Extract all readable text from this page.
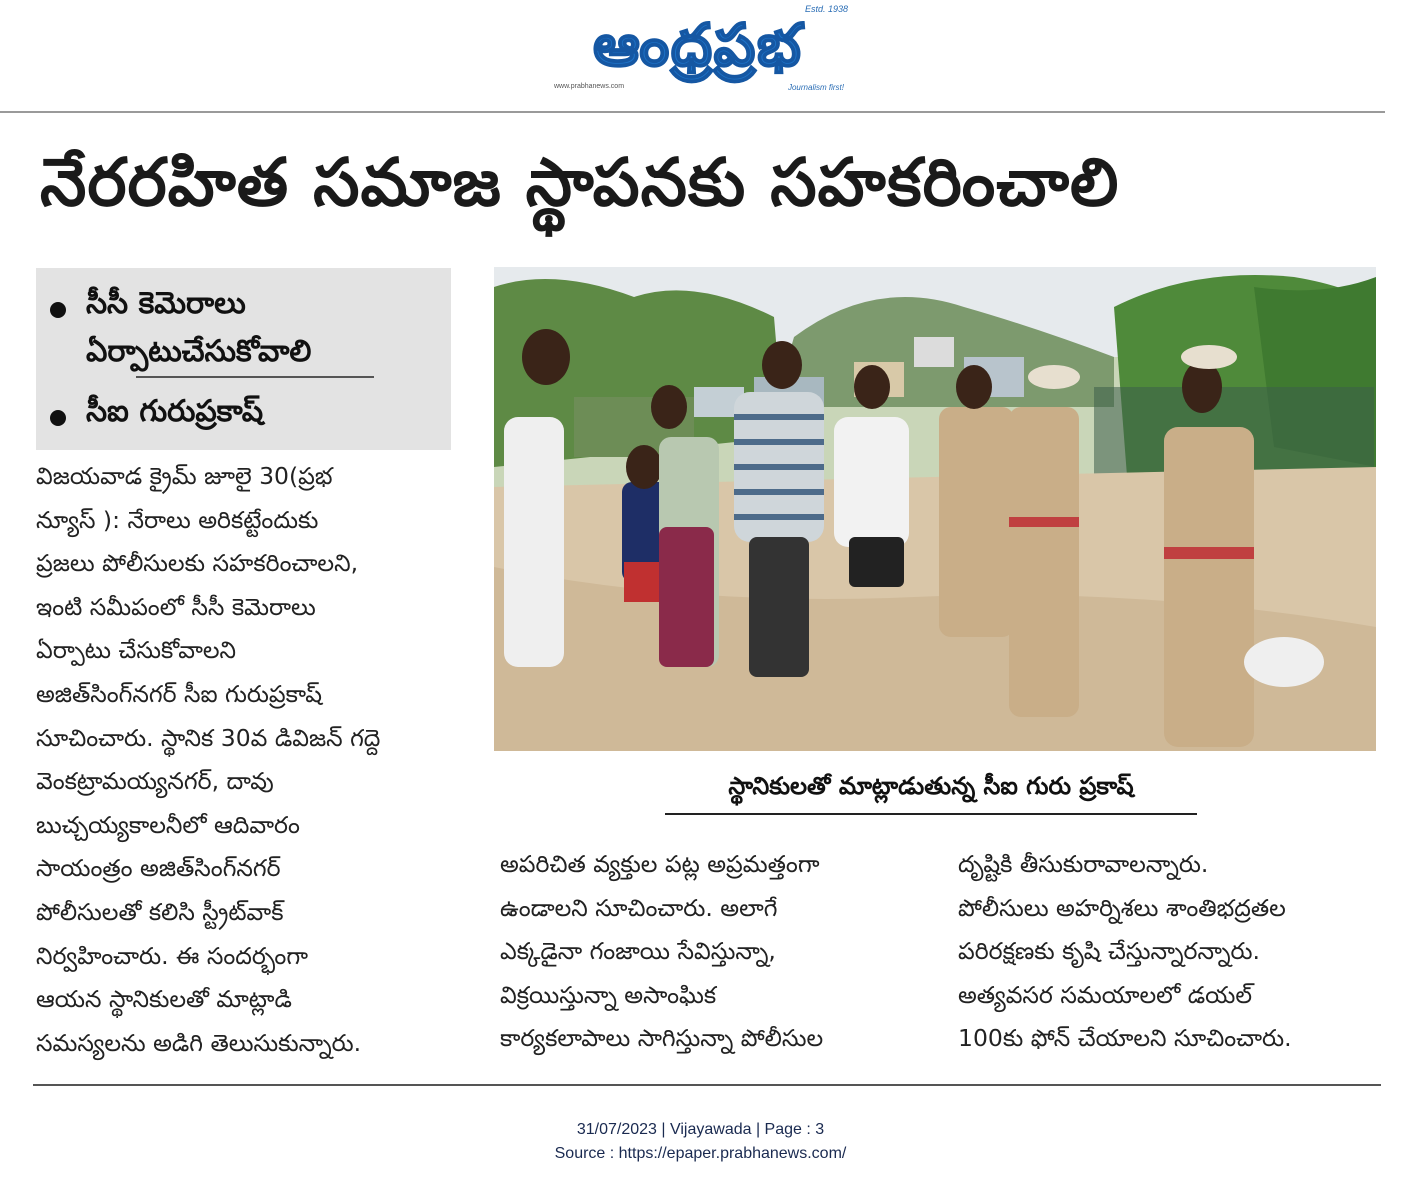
Estd. 1938
ఆంధ్రప్రభ
www.prabhanews.com	Journalism first!
నేరరహిత సమాజ స్థాపనకు సహకరించాలి
సీసీ కెమెరాలు
ఏర్పాటుచేసుకోవాలి
సీఐ గురుప్రకాష్
విజయవాడ క్రైమ్ జూలై 30(ప్రభ
న్యూస్ ): నేరాలు అరికట్టేందుకు
ప్రజలు పోలీసులకు సహకరించాలని,
ఇంటి సమీపంలో సీసీ కెమెరాలు
ఏర్పాటు చేసుకోవాలని
అజిత్‌సింగ్‌నగర్ సీఐ గురుప్రకాష్
సూచించారు. స్థానిక 30వ డివిజన్ గద్దె
వెంకట్రామయ్యనగర్, దావు
బుచ్చయ్యకాలనీలో ఆదివారం
సాయంత్రం అజిత్‌సింగ్‌నగర్
పోలీసులతో కలిసి స్ట్రీట్‌వాక్
నిర్వహించారు. ఈ సందర్భంగా
ఆయన స్థానికులతో మాట్లాడి
సమస్యలను అడిగి తెలుసుకున్నారు.
స్థానికులతో మాట్లాడుతున్న సీఐ గురు ప్రకాష్
అపరిచిత వ్యక్తుల పట్ల అప్రమత్తంగా
ఉండాలని సూచించారు. అలాగే
ఎక్కడైనా గంజాయి సేవిస్తున్నా,
విక్రయిస్తున్నా అసాంఘిక
కార్యకలాపాలు సాగిస్తున్నా పోలీసుల
దృష్టికి తీసుకురావాలన్నారు.
పోలీసులు అహర్నిశలు శాంతిభద్రతల
పరిరక్షణకు కృషి చేస్తున్నారన్నారు.
అత్యవసర సమయాలలో డయల్
100కు ఫోన్ చేయాలని సూచించారు.
31/07/2023 | Vijayawada | Page : 3
Source : https://epaper.prabhanews.com/
